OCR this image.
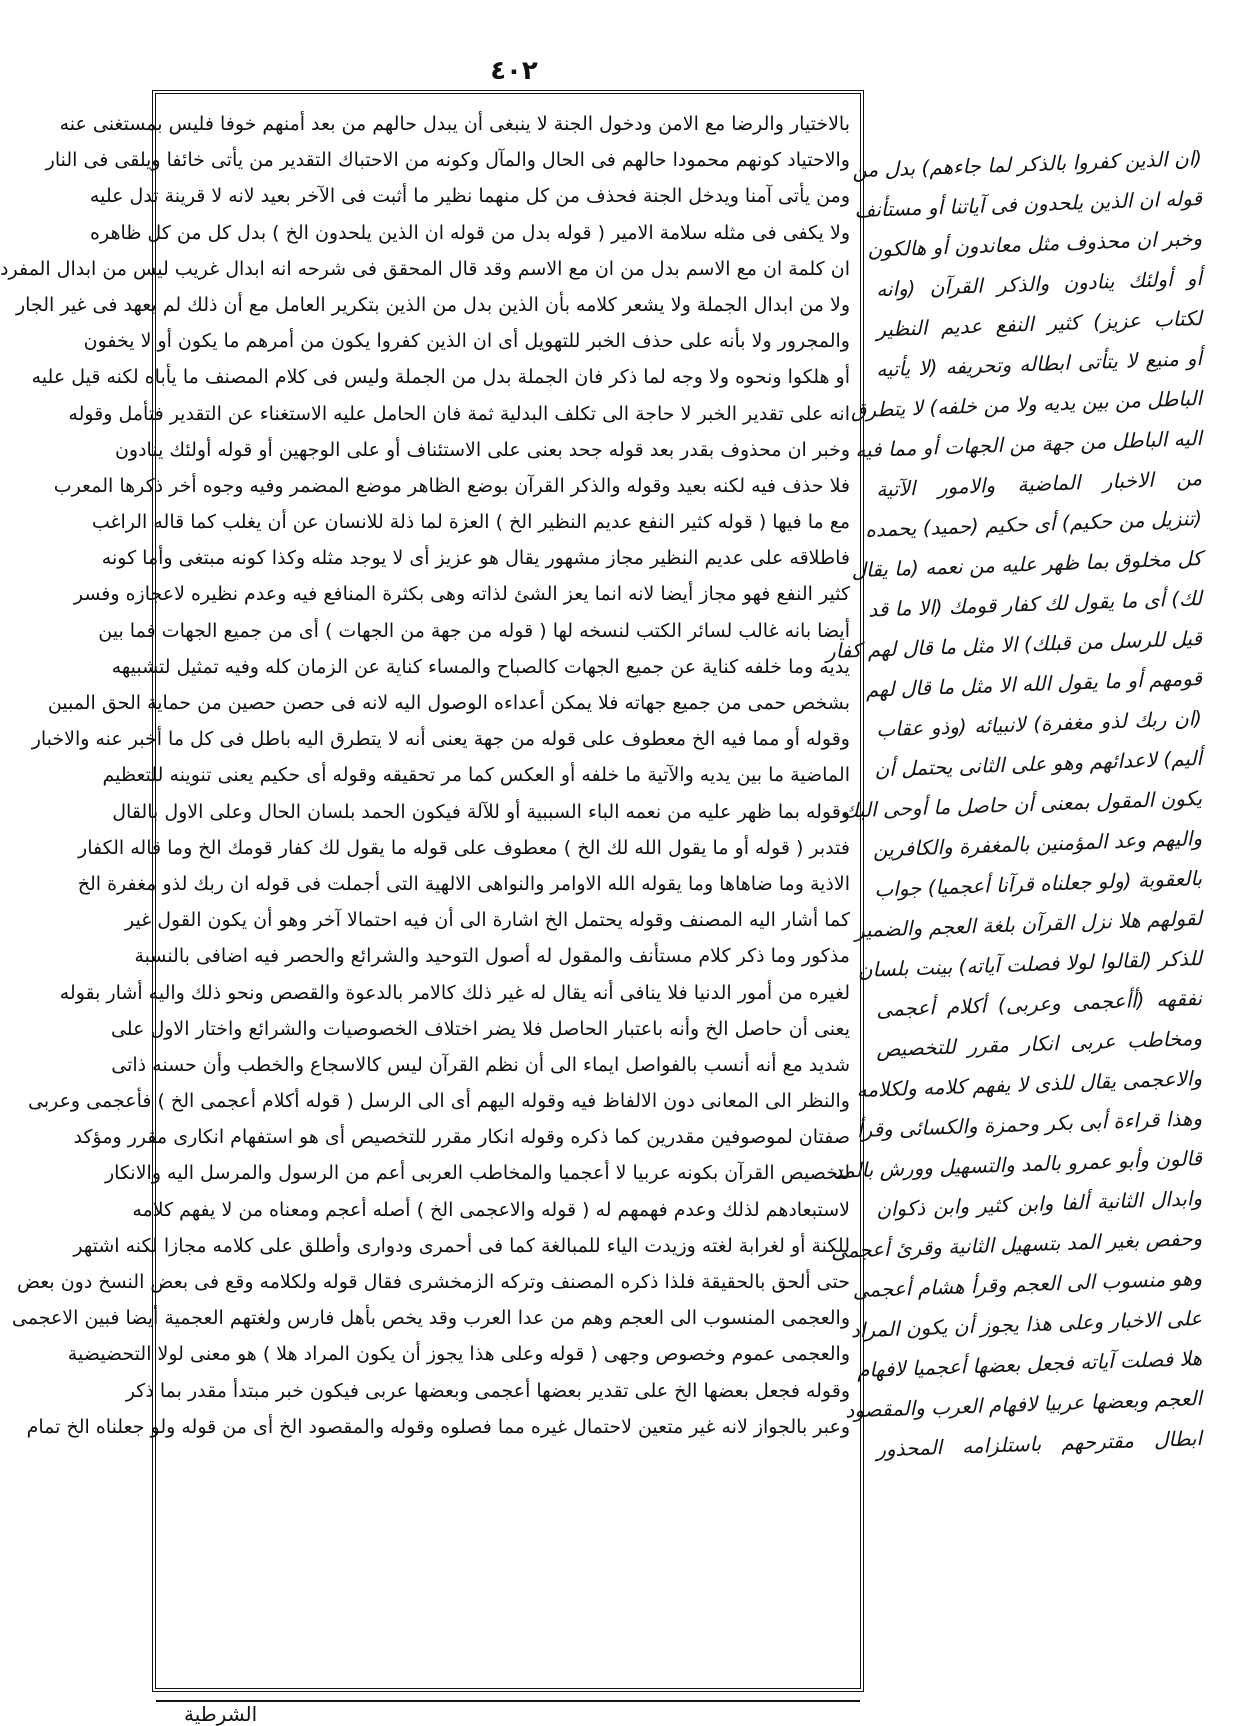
٤٠٢
بالاختيار والرضا مع الامن ودخول الجنة لا ينبغى أن يبدل حالهم من بعد أمنهم خوفا فليس بمستغنى عنه
والاحتياد كونهم محمودا حالهم فى الحال والمآل وكونه من الاحتباك التقدير من يأتى خائفا ويلقى فى النار
ومن يأتى آمنا ويدخل الجنة فحذف من كل منهما نظير ما أثبت فى الآخر بعيد لانه لا قرينة تدل عليه
ولا يكفى فى مثله سلامة الامير ( قوله بدل من قوله ان الذين يلحدون الخ ) بدل كل من كل ظاهره
ان كلمة ان مع الاسم بدل من ان مع الاسم وقد قال المحقق فى شرحه انه ابدال غريب ليس من ابدال المفرد
ولا من ابدال الجملة ولا يشعر كلامه بأن الذين بدل من الذين بتكرير العامل مع أن ذلك لم يعهد فى غير الجار
والمجرور ولا بأنه على حذف الخبر للتهويل أى ان الذين كفروا يكون من أمرهم ما يكون أو لا يخفون
أو هلكوا ونحوه ولا وجه لما ذكر فان الجملة بدل من الجملة وليس فى كلام المصنف ما يأباه لكنه قيل عليه
انه على تقدير الخبر لا حاجة الى تكلف البدلية ثمة فان الحامل عليه الاستغناء عن التقدير فتأمل وقوله
وخبر ان محذوف بقدر بعد قوله جحد بعنى على الاستئناف أو على الوجهين أو قوله أولئك ينادون
فلا حذف فيه لكنه بعيد وقوله والذكر القرآن بوضع الظاهر موضع المضمر وفيه وجوه أخر ذكرها المعرب
مع ما فيها ( قوله كثير النفع عديم النظير الخ ) العزة لما ذلة للانسان عن أن يغلب كما قاله الراغب
فاطلاقه على عديم النظير مجاز مشهور يقال هو عزيز أى لا يوجد مثله وكذا كونه مبتغى وأما كونه
كثير النفع فهو مجاز أيضا لانه انما يعز الشئ لذاته وهى بكثرة المنافع فيه وعدم نظيره لاعجازه وفسر
أيضا بانه غالب لسائر الكتب لنسخه لها ( قوله من جهة من الجهات ) أى من جميع الجهات فما بين
يديه وما خلفه كناية عن جميع الجهات كالصباح والمساء كناية عن الزمان كله وفيه تمثيل لتشبيهه
بشخص حمى من جميع جهاته فلا يمكن أعداءه الوصول اليه لانه فى حصن حصين من حماية الحق المبين
وقوله أو مما فيه الخ معطوف على قوله من جهة يعنى أنه لا يتطرق اليه باطل فى كل ما أخبر عنه والاخبار
الماضية ما بين يديه والآتية ما خلفه أو العكس كما مر تحقيقه وقوله أى حكيم يعنى تنوينه للتعظيم
وقوله بما ظهر عليه من نعمه الباء السببية أو للآلة فيكون الحمد بلسان الحال وعلى الاول بالقال
فتدبر ( قوله أو ما يقول الله لك الخ ) معطوف على قوله ما يقول لك كفار قومك الخ وما قاله الكفار
الاذية وما ضاهاها وما يقوله الله الاوامر والنواهى الالهية التى أجملت فى قوله ان ربك لذو مغفرة الخ
كما أشار اليه المصنف وقوله يحتمل الخ اشارة الى أن فيه احتمالا آخر وهو أن يكون القول غير
مذكور وما ذكر كلام مستأنف والمقول له أصول التوحيد والشرائع والحصر فيه اضافى بالنسبة
لغيره من أمور الدنيا فلا ينافى أنه يقال له غير ذلك كالامر بالدعوة والقصص ونحو ذلك واليه أشار بقوله
يعنى أن حاصل الخ وأنه باعتبار الحاصل فلا يضر اختلاف الخصوصيات والشرائع واختار الاول على
شديد مع أنه أنسب بالفواصل ايماء الى أن نظم القرآن ليس كالاسجاع والخطب وأن حسنه ذاتى
والنظر الى المعانى دون الالفاظ فيه وقوله اليهم أى الى الرسل ( قوله أكلام أعجمى الخ ) فأعجمى وعربى
صفتان لموصوفين مقدرين كما ذكره وقوله انكار مقرر للتخصيص أى هو استفهام انكارى مقرر ومؤكد
لتخصيص القرآن بكونه عربيا لا أعجميا والمخاطب العربى أعم من الرسول والمرسل اليه والانكار
لاستبعادهم لذلك وعدم فهمهم له ( قوله والاعجمى الخ ) أصله أعجم ومعناه من لا يفهم كلامه
للكنة أو لغرابة لغته وزيدت الياء للمبالغة كما فى أحمرى ودوارى وأطلق على كلامه مجازا لكنه اشتهر
حتى ألحق بالحقيقة فلذا ذكره المصنف وتركه الزمخشرى فقال قوله ولكلامه وقع فى بعض النسخ دون بعض
والعجمى المنسوب الى العجم وهم من عدا العرب وقد يخص بأهل فارس ولغتهم العجمية أيضا فبين الاعجمى
والعجمى عموم وخصوص وجهى ( قوله وعلى هذا يجوز أن يكون المراد هلا ) هو معنى لولا التحضيضية
وقوله فجعل بعضها الخ على تقدير بعضها أعجمى وبعضها عربى فيكون خبر مبتدأ مقدر بما ذكر
وعبر بالجواز لانه غير متعين لاحتمال غيره مما فصلوه وقوله والمقصود الخ أى من قوله ولو جعلناه الخ تمام
(ان الذين كفروا بالذكر لما جاءهم) بدل من
قوله ان الذين يلحدون فى آياتنا أو مستأنف
وخبر ان محذوف مثل معاندون أو هالكون
أو أولئك ينادون والذكر القرآن (وانه
لكتاب عزيز) كثير النفع عديم النظير
أو منيع لا يتأتى ابطاله وتحريفه (لا يأتيه
الباطل من بين يديه ولا من خلفه) لا يتطرق
اليه الباطل من جهة من الجهات أو مما فيه
من الاخبار الماضية والامور الآتية
(تنزيل من حكيم) أى حكيم (حميد) يحمده
كل مخلوق بما ظهر عليه من نعمه (ما يقال
لك) أى ما يقول لك كفار قومك (الا ما قد
قيل للرسل من قبلك) الا مثل ما قال لهم كفار
قومهم أو ما يقول الله الا مثل ما قال لهم
(ان ربك لذو مغفرة) لانبيائه (وذو عقاب
أليم) لاعدائهم وهو على الثانى يحتمل أن
يكون المقول بمعنى أن حاصل ما أوحى اليك
واليهم وعد المؤمنين بالمغفرة والكافرين
بالعقوبة (ولو جعلناه قرآنا أعجميا) جواب
لقولهم هلا نزل القرآن بلغة العجم والضمير
للذكر (لقالوا لولا فصلت آياته) بينت بلسان
نفقهه (أأعجمى وعربى) أكلام أعجمى
ومخاطب عربى انكار مقرر للتخصيص
والاعجمى يقال للذى لا يفهم كلامه ولكلامه
وهذا قراءة أبى بكر وحمزة والكسائى وقرأ
قالون وأبو عمرو بالمد والتسهيل وورش بالمد
وابدال الثانية ألفا وابن كثير وابن ذكوان
وحفص بغير المد بتسهيل الثانية وقرئ أعجمى
وهو منسوب الى العجم وقرأ هشام أعجمى
على الاخبار وعلى هذا يجوز أن يكون المراد
هلا فصلت آياته فجعل بعضها أعجميا لافهام
العجم وبعضها عربيا لافهام العرب والمقصود
ابطال مقترحهم باستلزامه المحذور
الشرطية
